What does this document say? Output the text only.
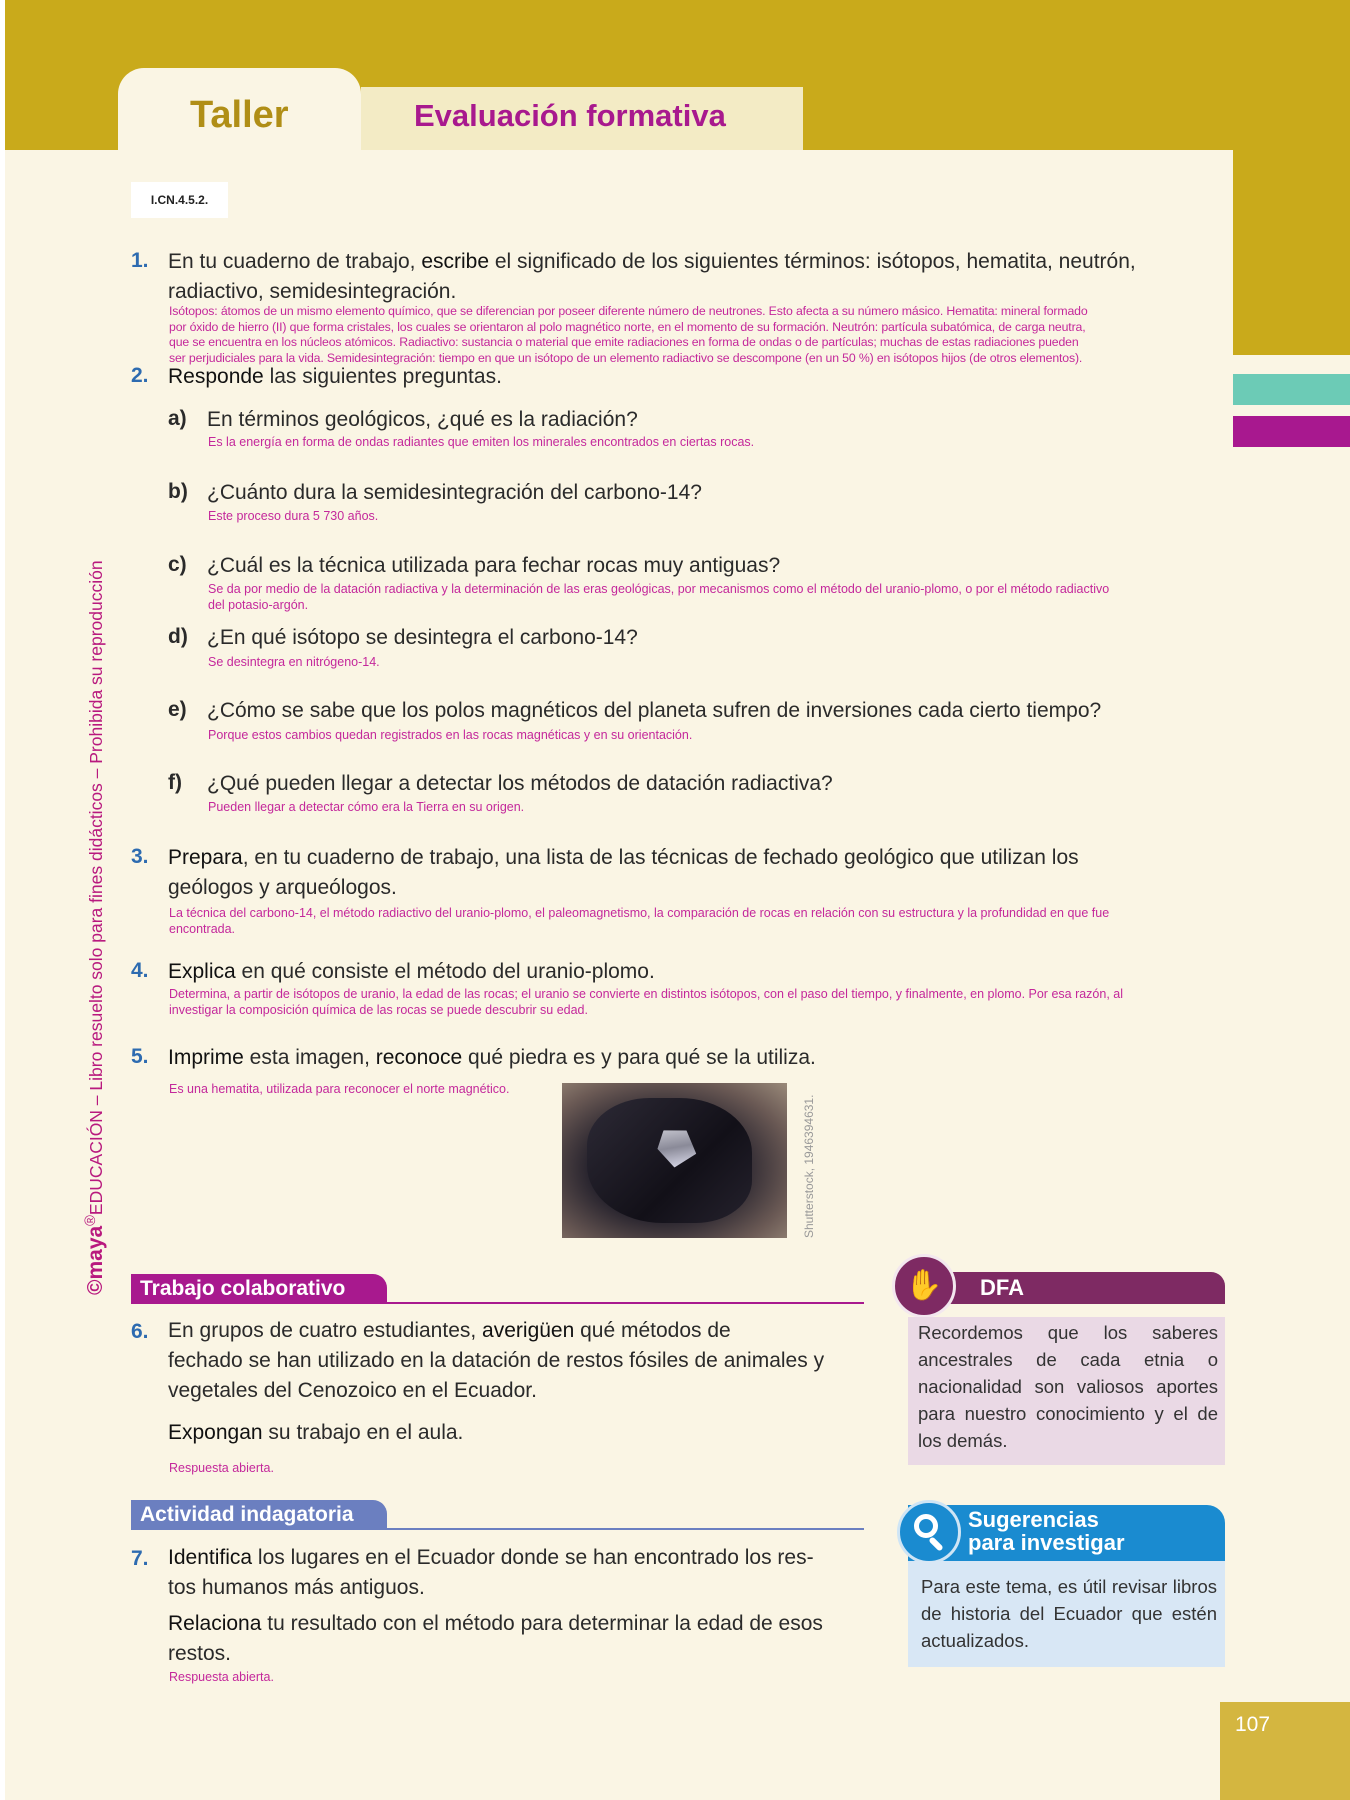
Taller	Evaluación formativa
I.CN.4.5.2.
©maya®EDUCACIÓN – Libro resuelto solo para fines didácticos – Prohibida su reproducción
1. En tu cuaderno de trabajo, escribe el significado de los siguientes términos: isótopos, hematita, neutrón,
radiactivo, semidesintegración.
Isótopos: átomos de un mismo elemento químico, que se diferencian por poseer diferente número de neutrones. Esto afecta a su número másico. Hematita: mineral formado
por óxido de hierro (II) que forma cristales, los cuales se orientaron al polo magnético norte, en el momento de su formación. Neutrón: partícula subatómica, de carga neutra,
que se encuentra en los núcleos atómicos. Radiactivo: sustancia o material que emite radiaciones en forma de ondas o de partículas; muchas de estas radiaciones pueden
ser perjudiciales para la vida. Semidesintegración: tiempo en que un isótopo de un elemento radiactivo se descompone (en un 50 %) en isótopos hijos (de otros elementos).
2. Responde las siguientes preguntas.
a) En términos geológicos, ¿qué es la radiación?
Es la energía en forma de ondas radiantes que emiten los minerales encontrados en ciertas rocas.
b) ¿Cuánto dura la semidesintegración del carbono-14?
Este proceso dura 5 730 años.
c) ¿Cuál es la técnica utilizada para fechar rocas muy antiguas?
Se da por medio de la datación radiactiva y la determinación de las eras geológicas, por mecanismos como el método del uranio-plomo, o por el método radiactivo
del potasio-argón.
d) ¿En qué isótopo se desintegra el carbono-14?
Se desintegra en nitrógeno-14.
e) ¿Cómo se sabe que los polos magnéticos del planeta sufren de inversiones cada cierto tiempo?
Porque estos cambios quedan registrados en las rocas magnéticas y en su orientación.
f) ¿Qué pueden llegar a detectar los métodos de datación radiactiva?
Pueden llegar a detectar cómo era la Tierra en su origen.
3. Prepara, en tu cuaderno de trabajo, una lista de las técnicas de fechado geológico que utilizan los
geólogos y arqueólogos.
La técnica del carbono-14, el método radiactivo del uranio-plomo, el paleomagnetismo, la comparación de rocas en relación con su estructura y la profundidad en que fue
encontrada.
4. Explica en qué consiste el método del uranio-plomo.
Determina, a partir de isótopos de uranio, la edad de las rocas; el uranio se convierte en distintos isótopos, con el paso del tiempo, y finalmente, en plomo. Por esa razón, al
investigar la composición química de las rocas se puede descubrir su edad.
5. Imprime esta imagen, reconoce qué piedra es y para qué se la utiliza.
Es una hematita, utilizada para reconocer el norte magnético.
Shutterstock, 1946394631.
Trabajo colaborativo
6. En grupos de cuatro estudiantes, averigüen qué métodos de
fechado se han utilizado en la datación de restos fósiles de animales y
vegetales del Cenozoico en el Ecuador.
Expongan su trabajo en el aula.
Respuesta abierta.
Actividad indagatoria
7. Identifica los lugares en el Ecuador donde se han encontrado los res-
tos humanos más antiguos.
Relaciona tu resultado con el método para determinar la edad de esos
restos.
Respuesta abierta.
✋	DFA
Recordemos que los saberes ancestrales de cada etnia o nacionalidad son valiosos aportes para nuestro conocimiento y el de los demás.
Sugerencias
para investigar
Para este tema, es útil revisar libros de historia del Ecuador que estén actualizados.
107
